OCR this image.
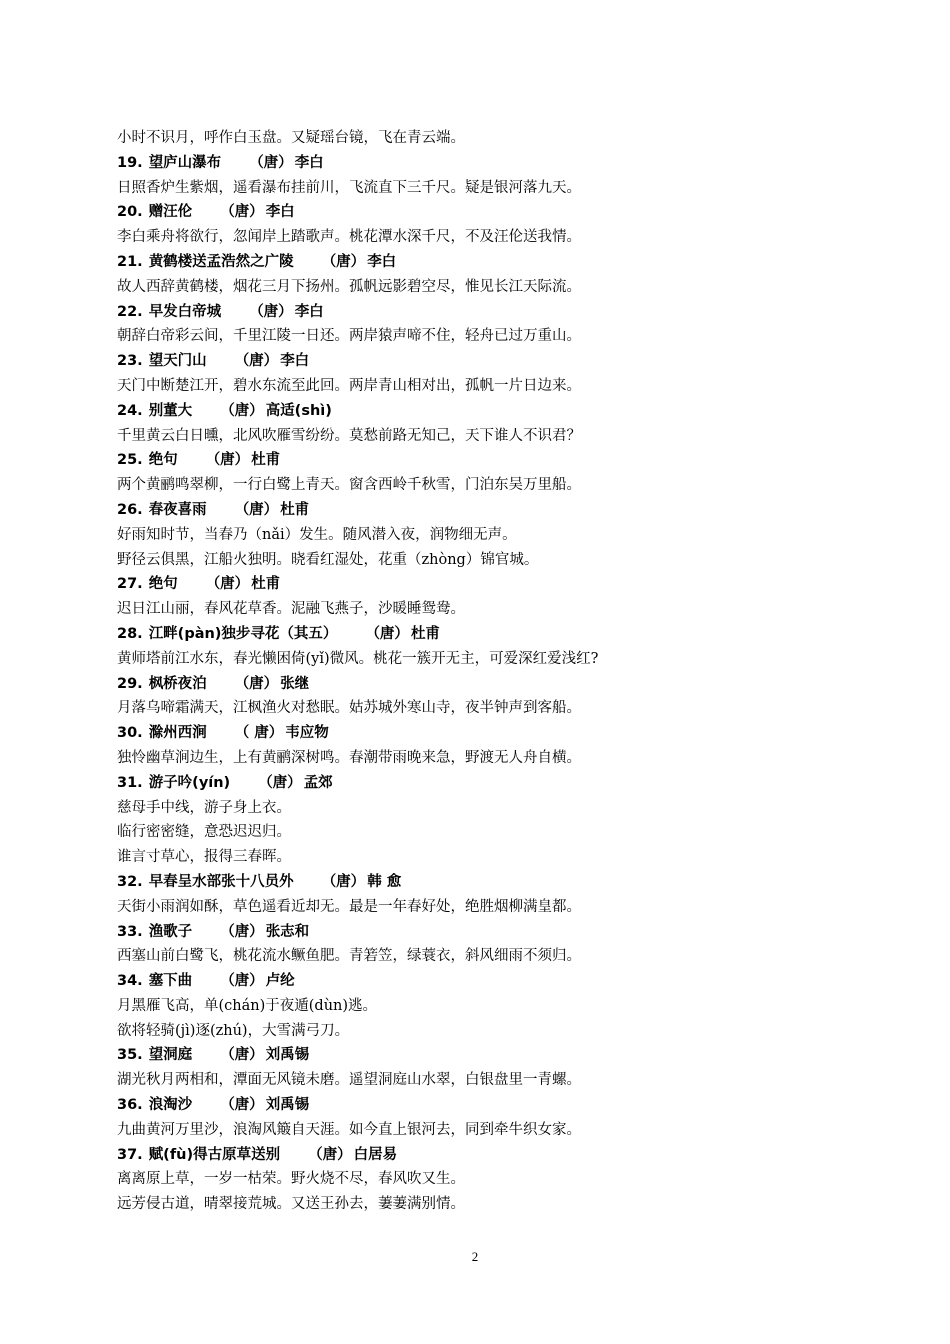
小时不识月，呼作白玉盘。又疑瑶台镜，飞在青云端。
19. 望庐山瀑布 （唐） 李白
日照香炉生紫烟，遥看瀑布挂前川，飞流直下三千尺。疑是银河落九天。
20. 赠汪伦 （唐） 李白
李白乘舟将欲行，忽闻岸上踏歌声。桃花潭水深千尺，不及汪伦送我情。
21. 黄鹤楼送孟浩然之广陵 （唐） 李白
故人西辞黄鹤楼，烟花三月下扬州。孤帆远影碧空尽，惟见长江天际流。
22. 早发白帝城 （唐） 李白
朝辞白帝彩云间，千里江陵一日还。两岸猿声啼不住，轻舟已过万重山。
23. 望天门山 （唐） 李白
天门中断楚江开，碧水东流至此回。两岸青山相对出，孤帆一片日边来。
24. 别董大 （唐） 高适(shì)
千里黄云白日曛，北风吹雁雪纷纷。莫愁前路无知己，天下谁人不识君？
25. 绝句 （唐） 杜甫
两个黄鹂鸣翠柳，一行白鹭上青天。窗含西岭千秋雪，门泊东吴万里船。
26. 春夜喜雨 （唐） 杜甫
好雨知时节，当春乃（nǎi）发生。随风潜入夜，润物细无声。
野径云俱黑，江船火独明。晓看红湿处，花重（zhòng）锦官城。
27. 绝句 （唐） 杜甫
迟日江山丽，春风花草香。泥融飞燕子，沙暖睡鸳鸯。
28. 江畔(pàn)独步寻花（其五） （唐） 杜甫
黄师塔前江水东，春光懒困倚(yǐ)微风。桃花一簇开无主，可爱深红爱浅红?
29. 枫桥夜泊 （唐） 张继
月落乌啼霜满天，江枫渔火对愁眠。姑苏城外寒山寺，夜半钟声到客船。
30. 滁州西涧 （ 唐） 韦应物
独怜幽草涧边生，上有黄鹂深树鸣。春潮带雨晚来急，野渡无人舟自横。
31. 游子吟(yín) （唐） 孟郊
慈母手中线，游子身上衣。
临行密密缝，意恐迟迟归。
谁言寸草心，报得三春晖。
32. 早春呈水部张十八员外 （唐） 韩 愈
天街小雨润如酥，草色遥看近却无。最是一年春好处，绝胜烟柳满皇都。
33. 渔歌子 （唐） 张志和
西塞山前白鹭飞，桃花流水鳜鱼肥。青箬笠，绿蓑衣，斜风细雨不须归。
34. 塞下曲 （唐） 卢纶
月黑雁飞高，单(chán)于夜遁(dùn)逃。
欲将轻骑(jì)逐(zhú)，大雪满弓刀。
35. 望洞庭 （唐） 刘禹锡
湖光秋月两相和，潭面无风镜未磨。遥望洞庭山水翠，白银盘里一青螺。
36. 浪淘沙 （唐） 刘禹锡
九曲黄河万里沙，浪淘风簸自天涯。如今直上银河去，同到牵牛织女家。
37. 赋(fù)得古原草送别 （唐） 白居易
离离原上草，一岁一枯荣。野火烧不尽，春风吹又生。
远芳侵古道，晴翠接荒城。又送王孙去，萋萋满别情。
2
